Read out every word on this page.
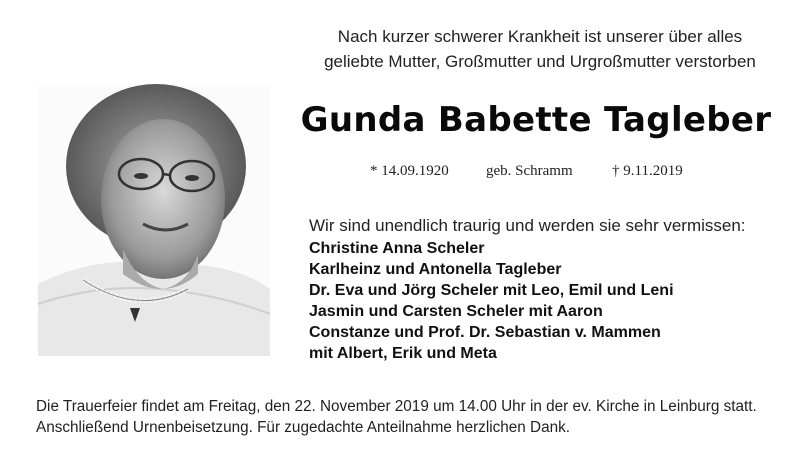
Nach kurzer schwerer Krankheit ist unserer über alles
geliebte Mutter, Großmutter und Urgroßmutter verstorben
Gunda Babette Tagleber
* 14.09.1920 geb. Schramm	† 9.11.2019
Wir sind unendlich traurig und werden sie sehr vermissen:
Christine Anna Scheler
Karlheinz und Antonella Tagleber
Dr. Eva und Jörg Scheler mit Leo, Emil und Leni
Jasmin und Carsten Scheler mit Aaron
Constanze und Prof. Dr. Sebastian v. Mammen
mit Albert, Erik und Meta
Die Trauerfeier findet am Freitag, den 22. November 2019 um 14.00 Uhr in der ev. Kirche in Leinburg statt.
Anschließend Urnenbeisetzung. Für zugedachte Anteilnahme herzlichen Dank.
